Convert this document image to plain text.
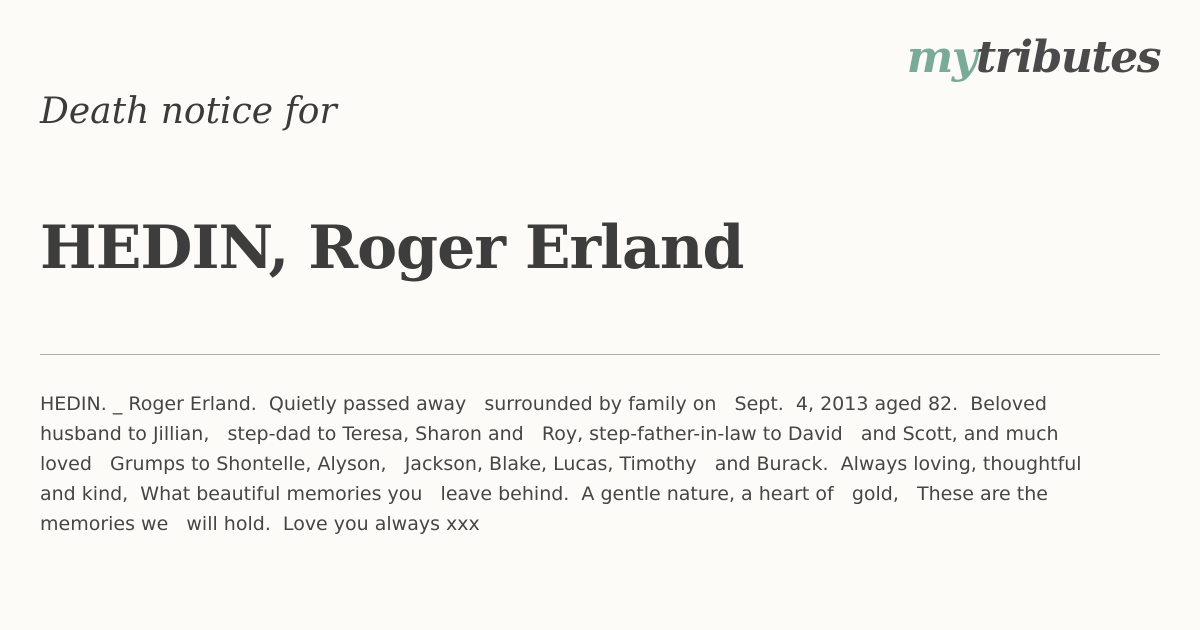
mytributes
Death notice for
HEDIN, Roger Erland
HEDIN. _ Roger Erland.  Quietly passed away   surrounded by family on   Sept.  4, 2013 aged 82.  Beloved
husband to Jillian,   step-dad to Teresa, Sharon and   Roy, step-father-in-law to David   and Scott, and much
loved   Grumps to Shontelle, Alyson,   Jackson, Blake, Lucas, Timothy   and Burack.  Always loving, thoughtful
and kind,  What beautiful memories you   leave behind.  A gentle nature, a heart of   gold,   These are the
memories we   will hold.  Love you always xxx
